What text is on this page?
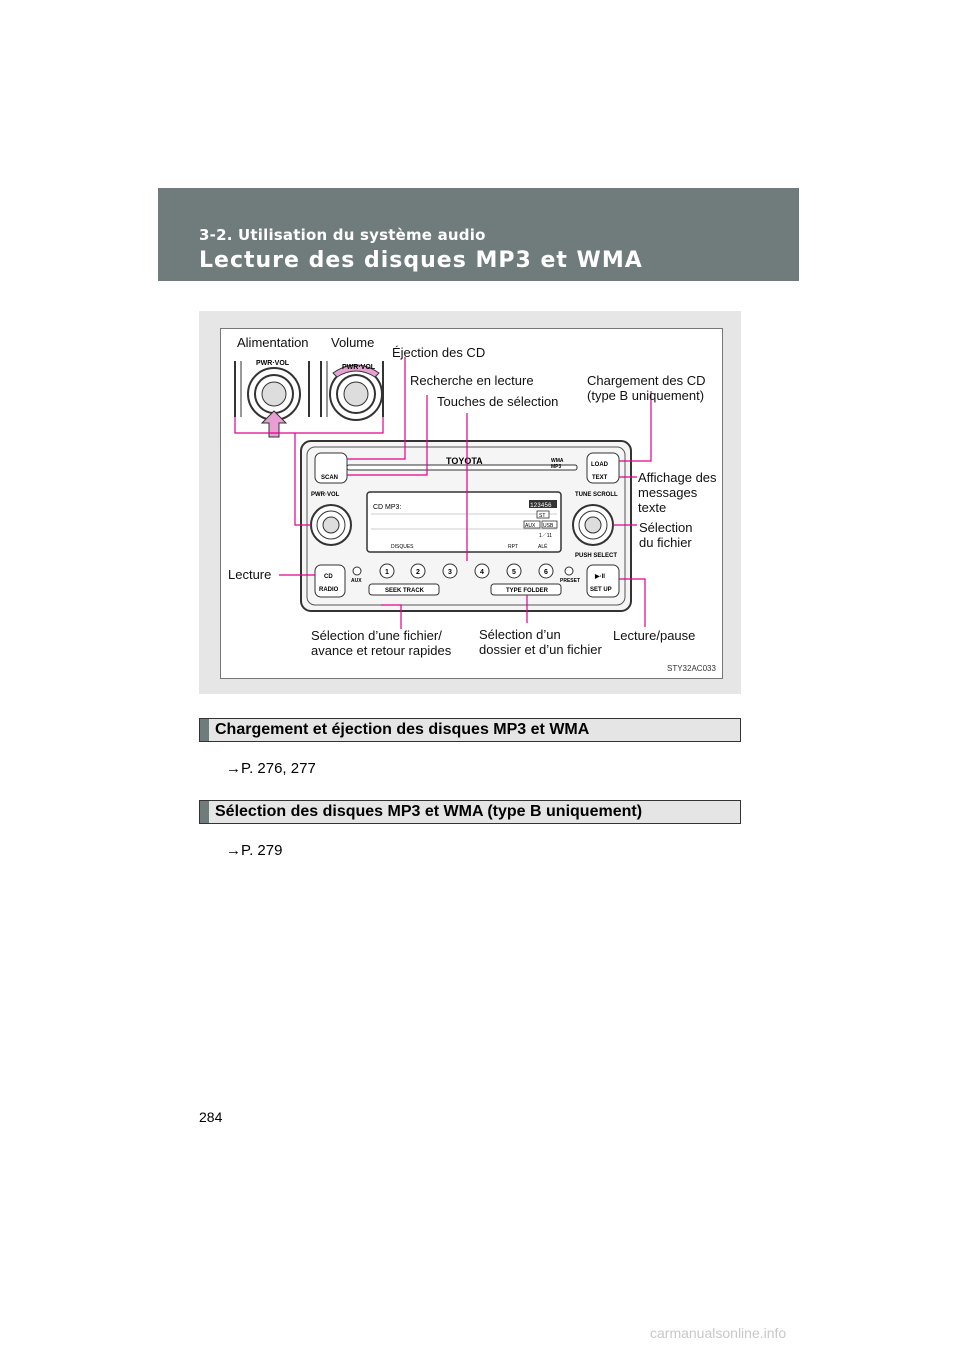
3-2. Utilisation du système audio
Lecture des disques MP3 et WMA
PWR·VOL
PWR·VOL
TOYOTA	WMA
MP3
SCAN
LOAD
TEXT
PWR·VOL	TUNE SCROLL
PUSH SELECT
CD MP3:	123456
ST
AUX USB
1／11
DISQUES	RPT	ALÉ
CD
RADIO
AUX
1	2	3	4	5	6
PRESET
▶·II
SET UP
SEEK TRACK	TYPE FOLDER
Alimentation Volume
Éjection des CD
Recherche en lecture
Touches de sélection
Chargement des CD
(type B uniquement)
Affichage des
messages
texte
Sélection
du fichier
Lecture
Sélection d’une fichier/
avance et retour rapides
Sélection d’un
dossier et d’un fichier
Lecture/pause
STY32AC033
Chargement et éjection des disques MP3 et WMA
→P. 276, 277
Sélection des disques MP3 et WMA (type B uniquement)
→P. 279
284
carmanualsonline.info
